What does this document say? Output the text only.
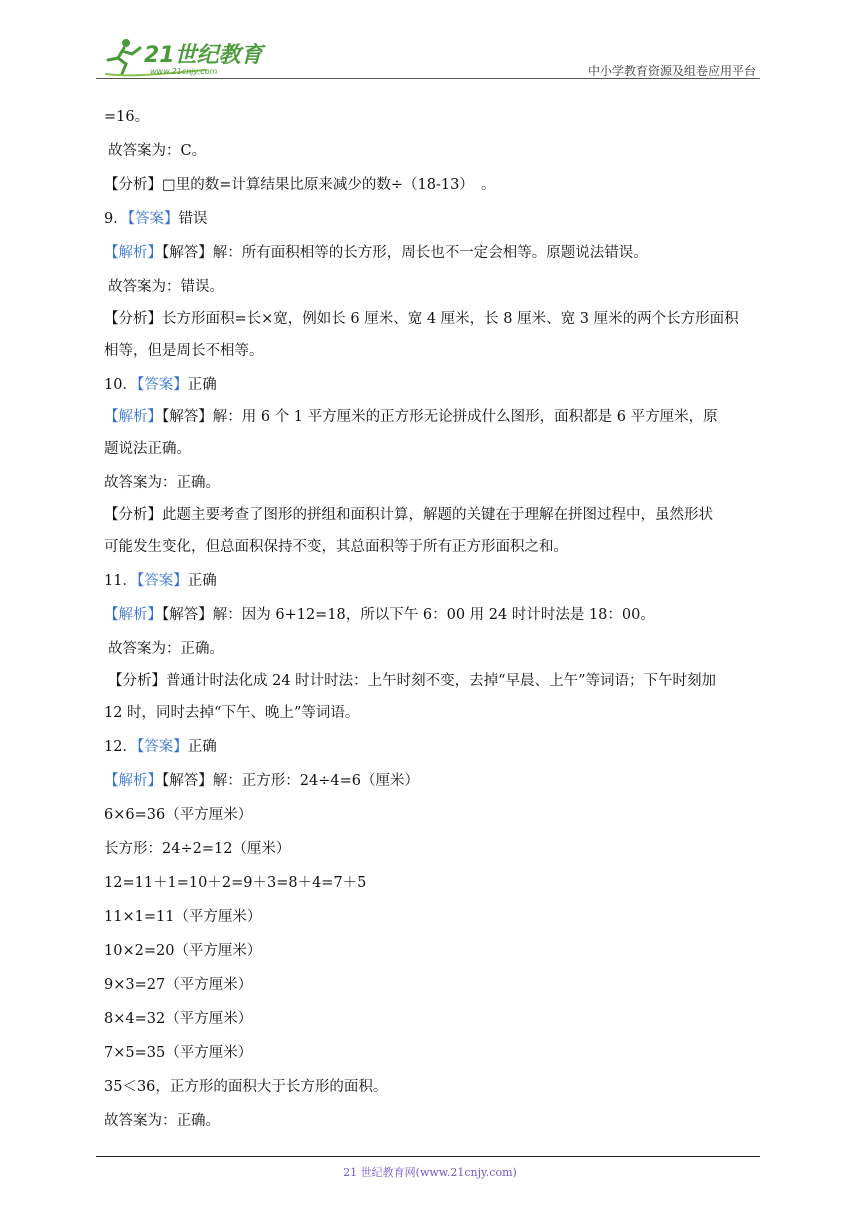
21世纪教育
www.21cnjy.com	中小学教育资源及组卷应用平台
=16。
故答案为：C。
【分析】□里的数=计算结果比原来减少的数÷（18-13）　。
9．【答案】错误
【解析】【解答】解：所有面积相等的长方形，周长也不一定会相等。原题说法错误。
故答案为：错误。
【分析】长方形面积=长×宽，例如长 6 厘米、宽 4 厘米，长 8 厘米、宽 3 厘米的两个长方形面积
相等，但是周长不相等。
10．【答案】正确
【解析】【解答】解：用 6 个 1 平方厘米的正方形无论拼成什么图形，面积都是 6 平方厘米，原
题说法正确。
故答案为：正确。
【分析】此题主要考查了图形的拼组和面积计算，解题的关键在于理解在拼图过程中，虽然形状
可能发生变化，但总面积保持不变，其总面积等于所有正方形面积之和。
11．【答案】正确
【解析】【解答】解：因为 6+12=18，所以下午 6：00 用 24 时计时法是 18：00。
故答案为：正确。
【分析】普通计时法化成 24 时计时法：上午时刻不变，去掉“早晨、上午”等词语；下午时刻加
12 时，同时去掉“下午、晚上”等词语。
12．【答案】正确
【解析】【解答】解：正方形：24÷4=6（厘米）
6×6=36（平方厘米）
长方形：24÷2=12（厘米）
12=11＋1=10＋2=9＋3=8＋4=7＋5
11×1=11（平方厘米）
10×2=20（平方厘米）
9×3=27（平方厘米）
8×4=32（平方厘米）
7×5=35（平方厘米）
35＜36，正方形的面积大于长方形的面积。
故答案为：正确。
21 世纪教育网(www.21cnjy.com)
